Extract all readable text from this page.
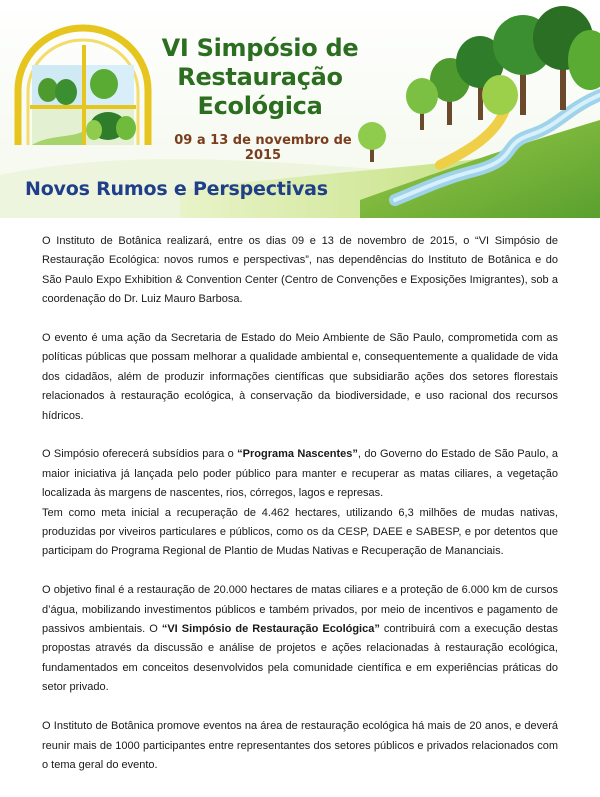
VI Simpósio de
Restauração
Ecológica
09 a 13 de novembro de 2015
Novos Rumos e Perspectivas

O Instituto de Botânica realizará, entre os dias 09 e 13 de novembro de 2015, o “VI Simpósio de Restauração Ecológica: novos rumos e perspectivas”, nas dependências do Instituto de Botânica e do São Paulo Expo Exhibition & Convention Center (Centro de Convenções e Exposições Imigrantes), sob a coordenação do Dr. Luiz Mauro Barbosa.

O evento é uma ação da Secretaria de Estado do Meio Ambiente de São Paulo, comprometida com as políticas públicas que possam melhorar a qualidade ambiental e, consequentemente a qualidade de vida dos cidadãos, além de produzir informações científicas que subsidiarão ações dos setores florestais relacionados à restauração ecológica, à conservação da biodiversidade, e uso racional dos recursos hídricos.

O Simpósio oferecerá subsídios para o “Programa Nascentes”, do Governo do Estado de São Paulo, a maior iniciativa já lançada pelo poder público para manter e recuperar as matas ciliares, a vegetação localizada às margens de nascentes, rios, córregos, lagos e represas.

Tem como meta inicial a recuperação de 4.462 hectares, utilizando 6,3 milhões de mudas nativas, produzidas por viveiros particulares e públicos, como os da CESP, DAEE e SABESP, e por detentos que participam do Programa Regional de Plantio de Mudas Nativas e Recuperação de Mananciais.

O objetivo final é a restauração de 20.000 hectares de matas ciliares e a proteção de 6.000 km de cursos d’água, mobilizando investimentos públicos e também privados, por meio de incentivos e pagamento de passivos ambientais. O “VI Simpósio de Restauração Ecológica” contribuirá com a execução destas propostas através da discussão e análise de projetos e ações relacionadas à restauração ecológica, fundamentados em conceitos desenvolvidos pela comunidade científica e em experiências práticas do setor privado.

O Instituto de Botânica promove eventos na área de restauração ecológica há mais de 20 anos, e deverá reunir mais de 1000 participantes entre representantes dos setores públicos e privados relacionados com o tema geral do evento.
